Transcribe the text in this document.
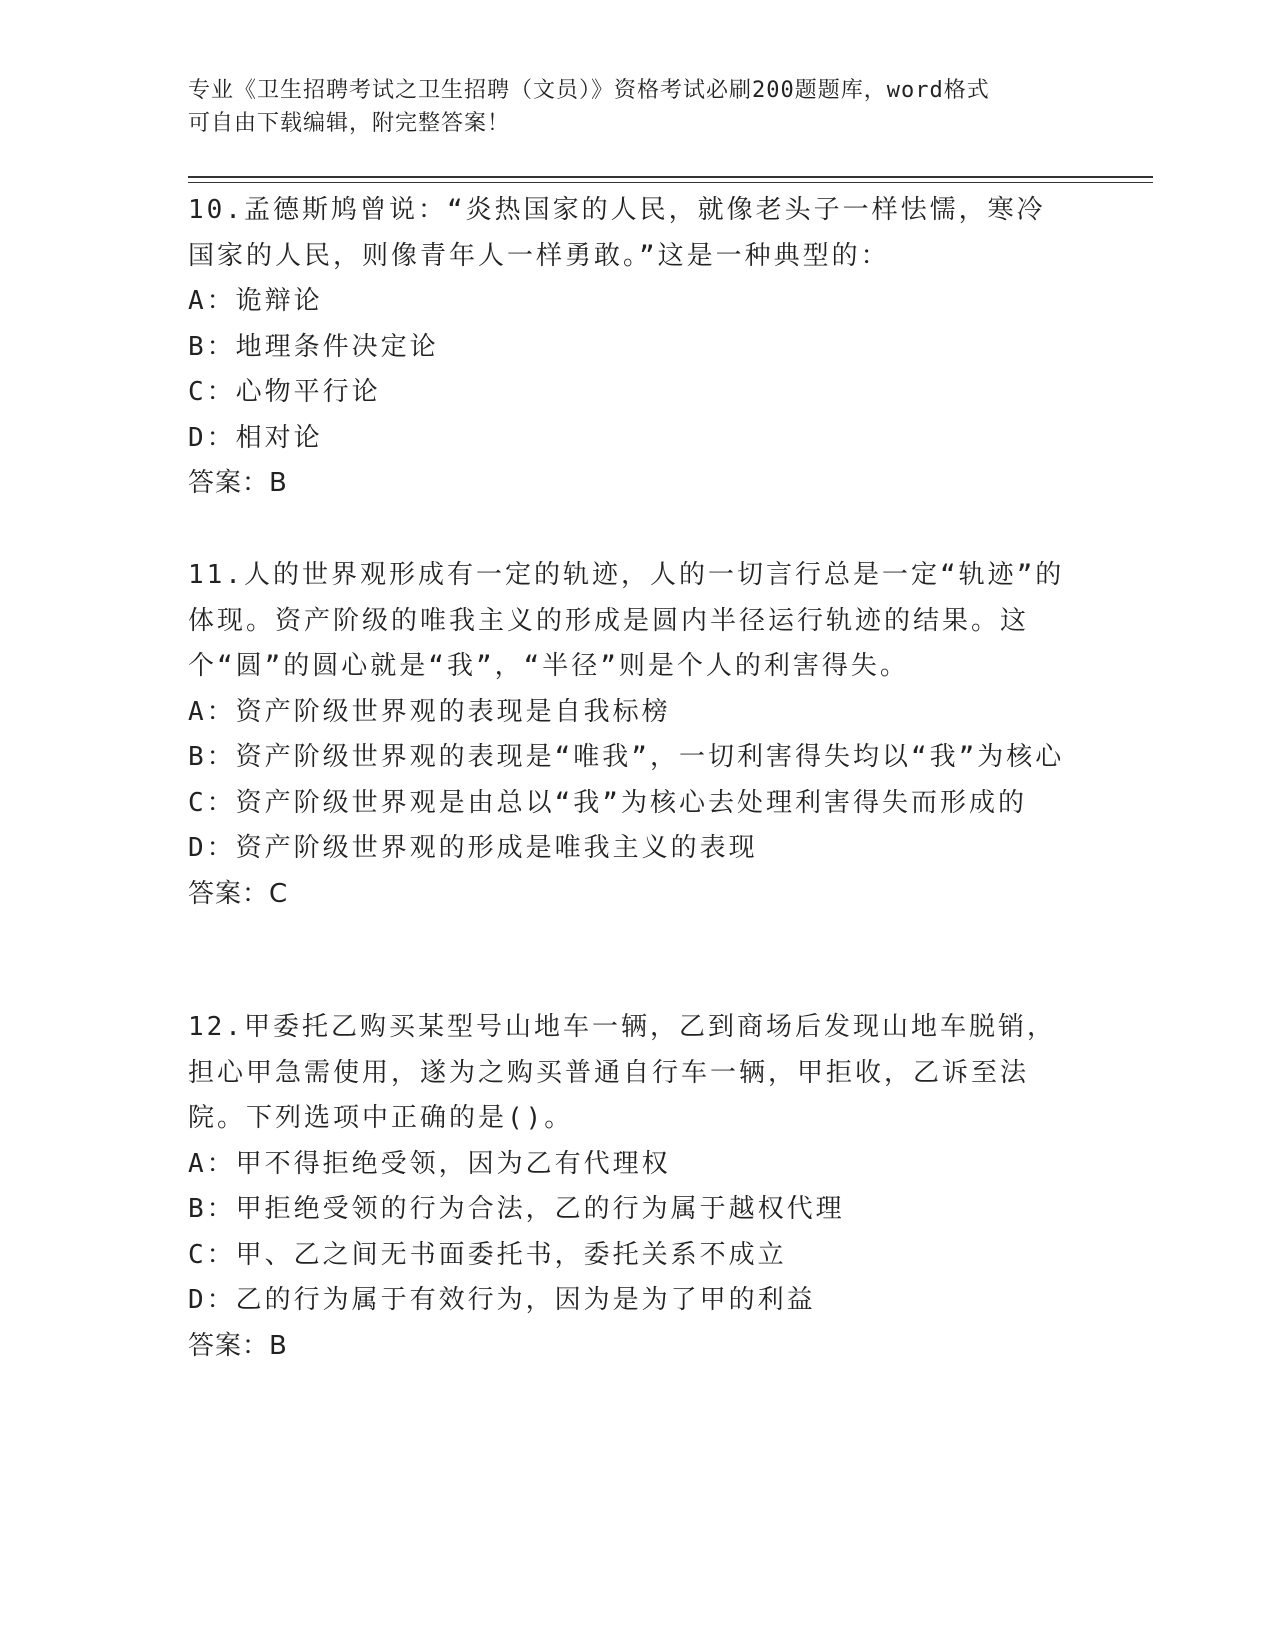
专业《卫生招聘考试之卫生招聘（文员）》资格考试必刷200题题库，word格式
可自由下载编辑，附完整答案！
10.孟德斯鸠曾说：“炎热国家的人民，就像老头子一样怯懦，寒冷国家的人民，则像青年人一样勇敢。”这是一种典型的：
A：诡辩论
B：地理条件决定论
C：心物平行论
D：相对论
答案：B
11.人的世界观形成有一定的轨迹，人的一切言行总是一定“轨迹”的体现。资产阶级的唯我主义的形成是圆内半径运行轨迹的结果。这个“圆”的圆心就是“我”，“半径”则是个人的利害得失。
A：资产阶级世界观的表现是自我标榜
B：资产阶级世界观的表现是“唯我”，一切利害得失均以“我”为核心
C：资产阶级世界观是由总以“我”为核心去处理利害得失而形成的
D：资产阶级世界观的形成是唯我主义的表现
答案：C
12.甲委托乙购买某型号山地车一辆，乙到商场后发现山地车脱销，担心甲急需使用，遂为之购买普通自行车一辆，甲拒收，乙诉至法院。下列选项中正确的是()。
A：甲不得拒绝受领，因为乙有代理权
B：甲拒绝受领的行为合法，乙的行为属于越权代理
C：甲、乙之间无书面委托书，委托关系不成立
D：乙的行为属于有效行为，因为是为了甲的利益
答案：B
